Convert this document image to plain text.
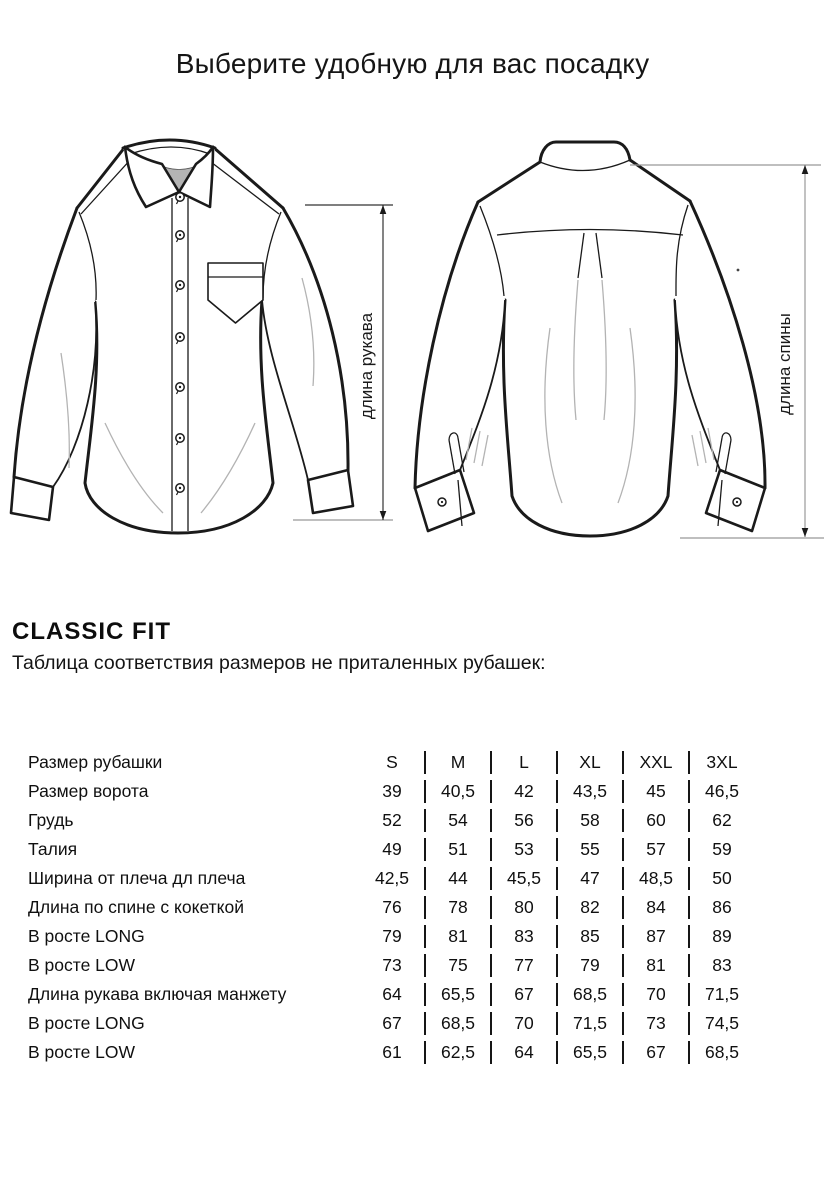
Выберите удобную для вас посадку
длина рукава	длина спины
CLASSIC FIT

Таблица соответствия размеров не приталенных рубашек:

Размер рубашки	S	M	L	XL	XXL	3XL
Размер ворота	39	40,5	42	43,5	45	46,5
Грудь	52	54	56	58	60	62
Талия	49	51	53	55	57	59
Ширина от плеча дл плеча	42,5	44	45,5	47	48,5	50
Длина по спине с кокеткой	76	78	80	82	84	86
В росте LONG	79	81	83	85	87	89
В росте LOW	73	75	77	79	81	83
Длина рукава включая манжету	64	65,5	67	68,5	70	71,5
В росте LONG	67	68,5	70	71,5	73	74,5
В росте LOW	61	62,5	64	65,5	67	68,5
